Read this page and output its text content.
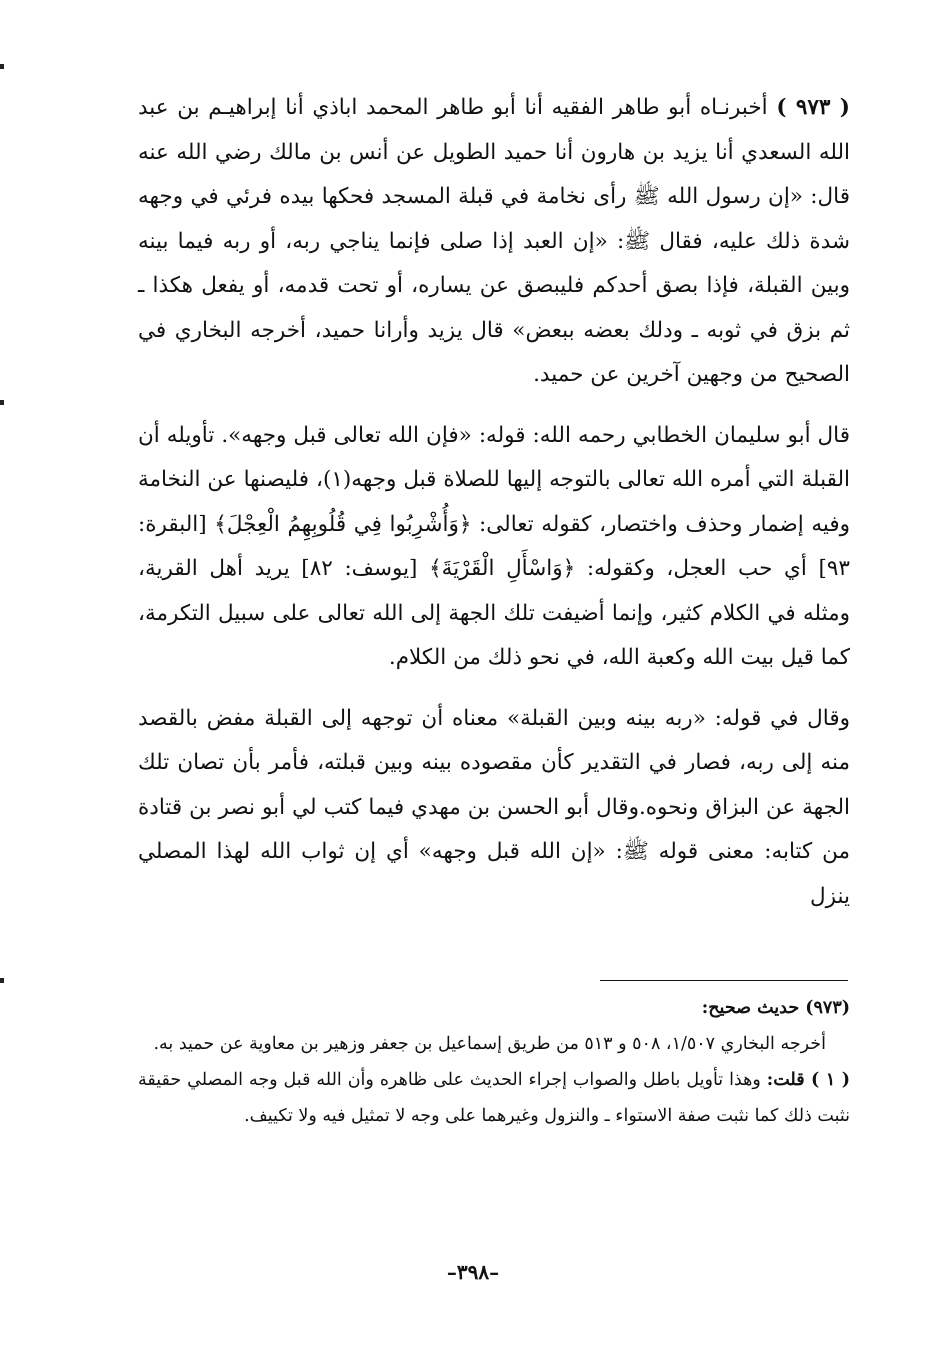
( ٩٧٣ ) أخبرنـاه أبو طاهر الفقيه أنا أبو طاهر المحمد اباذي أنا إبراهيـم بن عبد الله السعدي أنا يزيد بن هارون أنا حميد الطويل عن أنس بن مالك رضي الله عنه قال: «إن رسول الله ﷺ رأى نخامة في قبلة المسجد فحكها بيده فرئي في وجهه شدة ذلك عليه، فقال ﷺ: «إن العبد إذا صلى فإنما يناجي ربه، أو ربه فيما بينه وبين القبلة، فإذا بصق أحدكم فليبصق عن يساره، أو تحت قدمه، أو يفعل هكذا ـ ثم بزق في ثوبه ـ ودلك بعضه ببعض» قال يزيد وأرانا حميد، أخرجه البخاري في الصحيح من وجهين آخرين عن حميد.

قال أبو سليمان الخطابي رحمه الله: قوله: «فإن الله تعالى قبل وجهه». تأويله أن القبلة التي أمره الله تعالى بالتوجه إليها للصلاة قبل وجهه(١)، فليصنها عن النخامة وفيه إضمار وحذف واختصار، كقوله تعالى: ﴿وَأُشْرِبُوا فِي قُلُوبِهِمُ الْعِجْلَ﴾ [البقرة: ٩٣] أي حب العجل، وكقوله: ﴿وَاسْأَلِ الْقَرْيَةَ﴾ [يوسف: ٨٢] يريد أهل القرية، ومثله في الكلام كثير، وإنما أضيفت تلك الجهة إلى الله تعالى على سبيل التكرمة، كما قيل بيت الله وكعبة الله، في نحو ذلك من الكلام.

وقال في قوله: «ربه بينه وبين القبلة» معناه أن توجهه إلى القبلة مفض بالقصد منه إلى ربه، فصار في التقدير كأن مقصوده بينه وبين قبلته، فأمر بأن تصان تلك الجهة عن البزاق ونحوه.وقال أبو الحسن بن مهدي فيما كتب لي أبو نصر بن قتادة من كتابه: معنى قوله ﷺ: «إن الله قبل وجهه» أي إن ثواب الله لهذا المصلي ينزل

(٩٧٣) حديث صحيح:

أخرجه البخاري ١/٥٠٧، ٥٠٨ و ٥١٣ من طريق إسماعيل بن جعفر وزهير بن معاوية عن حميد به.

( ١ ) قلت: وهذا تأويل باطل والصواب إجراء الحديث على ظاهره وأن الله قبل وجه المصلي حقيقة نثبت ذلك كما نثبت صفة الاستواء ـ والنزول وغيرهما على وجه لا تمثيل فيه ولا تكييف.

–٣٩٨–
